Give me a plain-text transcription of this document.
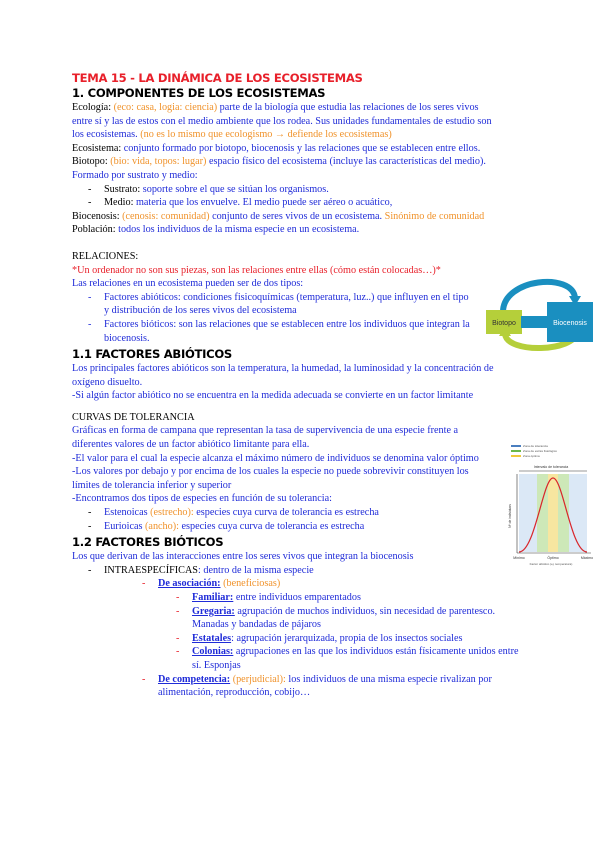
TEMA 15 - LA DINÁMICA DE LOS ECOSISTEMAS
1. COMPONENTES DE LOS ECOSISTEMAS

Ecología: (eco: casa, logia: ciencia) parte de la biología que estudia las relaciones de los seres vivos entre sí y las de estos con el medio ambiente que los rodea. Sus unidades fundamentales de estudio son los ecosistemas. (no es lo mismo que ecologismo → defiende los ecosistemas)

Ecosistema: conjunto formado por biotopo, biocenosis y las relaciones que se establecen entre ellos.

Biotopo: (bio: vida, topos: lugar) espacio físico del ecosistema (incluye las características del medio).

Formado por sustrato y medio:

- Sustrato: soporte sobre el que se sitúan los organismos.
- Medio: materia que los envuelve. El medio puede ser aéreo o acuático,

Biocenosis: (cenosis: comunidad) conjunto de seres vivos de un ecosistema. Sinónimo de comunidad

Población: todos los individuos de la misma especie en un ecosistema.

RELACIONES:

*Un ordenador no son sus piezas, son las relaciones entre ellas (cómo están colocadas…)*

Las relaciones en un ecosistema pueden ser de dos tipos:

- Factores abióticos: condiciones fisicoquímicas (temperatura, luz..) que influyen en el tipo y distribución de los seres vivos del ecosistema
- Factores bióticos: son las relaciones que se establecen entre los individuos que integran la biocenosis.
1.1 FACTORES ABIÓTICOS

Los principales factores abióticos son la temperatura, la humedad, la luminosidad y la concentración de oxígeno disuelto.

-Si algún factor abiótico no se encuentra en la medida adecuada se convierte en un factor limitante

CURVAS DE TOLERANCIA

Gráficas en forma de campana que representan la tasa de supervivencia de una especie frente a diferentes valores de un factor abiótico limitante para ella.

-El valor para el cual la especie alcanza el máximo número de individuos se denomina valor óptimo

-Los valores por debajo y por encima de los cuales la especie no puede sobrevivir constituyen los límites de tolerancia inferior y superior

-Encontramos dos tipos de especies en función de su tolerancia:

- Estenoicas (estrecho): especies cuya curva de tolerancia es estrecha
- Eurioicas (ancho): especies cuya curva de tolerancia es estrecha
1.2 FACTORES BIÓTICOS

Los que derivan de las interacciones entre los seres vivos que integran la biocenosis

- INTRAESPECÍFICAS: dentro de la misma especie
- De asociación: (beneficiosas)
- Familiar: entre individuos emparentados
- Gregaria: agrupación de muchos individuos, sin necesidad de parentesco. Manadas y bandadas de pájaros
- Estatales: agrupación jerarquizada, propia de los insectos sociales
- Colonias: agrupaciones en las que los individuos están físicamente unidos entre sí. Esponjas
- De competencia: (perjudicial): los individuos de una misma especie rivalizan por alimentación, reproducción, cobijo…
Biotopo	Biocenosis
Zona de tolerancia
Zona de estrés fisiológico
Zona óptima
Intervalo de tolerancia
Nº de individuos
Mínimo	Óptimo	Máximo
Factor abiótico (ej. temperatura)
